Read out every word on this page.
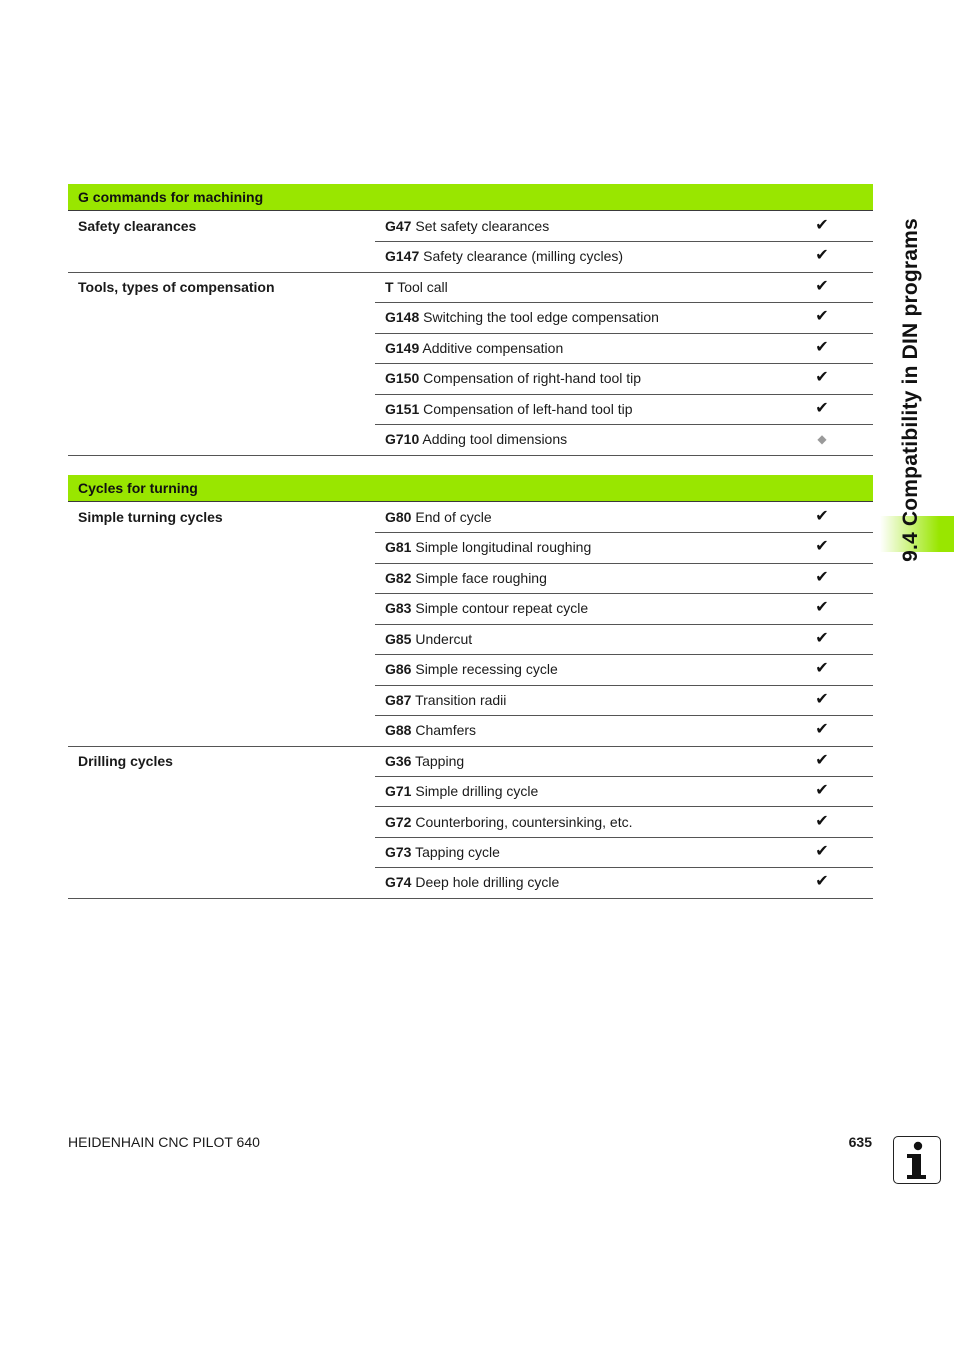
G commands for machining
Safety clearances	G47 Set safety clearances	✔
G147 Safety clearance (milling cycles)	✔
Tools, types of compensation	T Tool call	✔
G148 Switching the tool edge compensation	✔
G149 Additive compensation	✔
G150 Compensation of right-hand tool tip	✔
G151 Compensation of left-hand tool tip	✔
G710 Adding tool dimensions	◆
Cycles for turning
Simple turning cycles	G80 End of cycle	✔
G81 Simple longitudinal roughing	✔
G82 Simple face roughing	✔
G83 Simple contour repeat cycle	✔
G85 Undercut	✔
G86 Simple recessing cycle	✔
G87 Transition radii	✔
G88 Chamfers	✔
Drilling cycles	G36 Tapping	✔
G71 Simple drilling cycle	✔
G72 Counterboring, countersinking, etc.	✔
G73 Tapping cycle	✔
G74 Deep hole drilling cycle	✔
9.4 Compatibility in DIN programs
HEIDENHAIN CNC PILOT 640	635
